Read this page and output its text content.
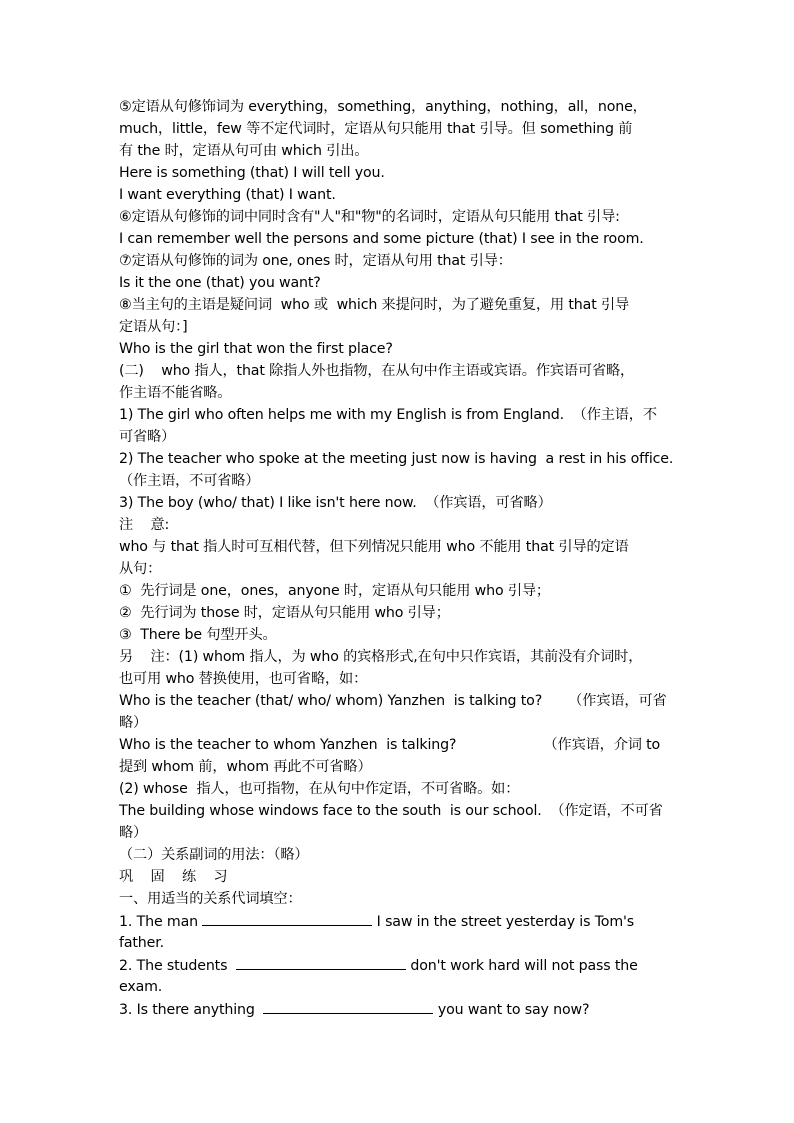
⑤定语从句修饰词为 everything，something，anything，nothing，all，none，
much，little，few 等不定代词时，定语从句只能用 that 引导。但 something 前
有 the 时，定语从句可由 which 引出。
Here is something (that) I will tell you.
I want everything (that) I want.
⑥定语从句修饰的词中同时含有"人"和"物"的名词时，定语从句只能用 that 引导:
I can remember well the persons and some picture (that) I see in the room.
⑦定语从句修饰的词为 one, ones 时，定语从句用 that 引导：
Is it the one (that) you want?
⑧当主句的主语是疑问词  who 或  which 来提问时，为了避免重复，用 that 引导
定语从句：]
Who is the girl that won the first place?
(二)    who 指人，that 除指人外也指物，在从句中作主语或宾语。作宾语可省略，
作主语不能省略。
1) The girl who often helps me with my English is from England.  （作主语，不
可省略）
2) The teacher who spoke at the meeting just now is having  a rest in his office.
（作主语，不可省略）
3) The boy (who/ that) I like isn't here now.  （作宾语，可省略）
注    意:
who 与 that 指人时可互相代替，但下列情况只能用 who 不能用 that 引导的定语
从句：
①  先行词是 one，ones，anyone 时，定语从句只能用 who 引导；
②  先行词为 those 时，定语从句只能用 who 引导；
③  There be 句型开头。
另    注：(1) whom 指人，为 who 的宾格形式,在句中只作宾语，其前没有介词时，
也可用 who 替换使用，也可省略，如：
Who is the teacher (that/ who/ whom) Yanzhen  is talking to?      （作宾语，可省
略）
Who is the teacher to whom Yanzhen  is talking?                    （作宾语，介词 to
提到 whom 前，whom 再此不可省略）
(2) whose  指人，也可指物，在从句中作定语，不可省略。如：
The building whose windows face to the south  is our school.  （作定语，不可省
略）
（二）关系副词的用法：（略）
巩    固    练    习
一、用适当的关系代词填空：
1. The man	I saw in the street yesterday is Tom's
father.
2. The students	don't work hard will not pass the
exam.
3. Is there anything	you want to say now?
